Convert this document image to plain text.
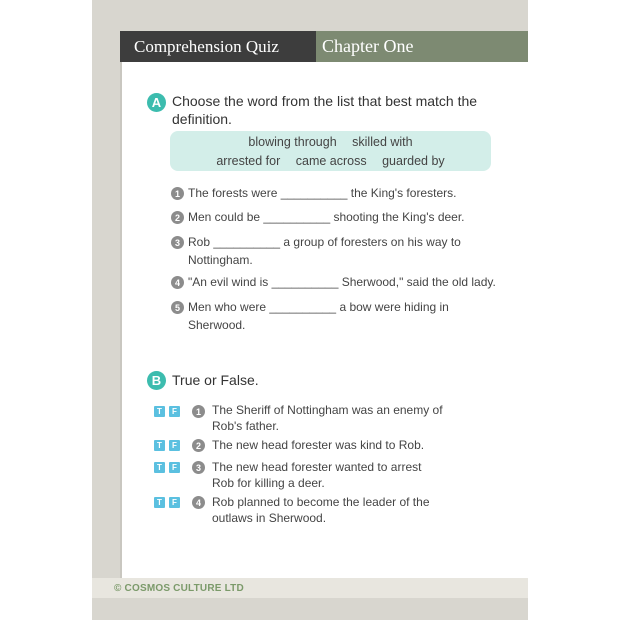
Comprehension Quiz	Chapter One
A Choose the word from the list that best match the
definition.
blowing through skilled with
arrested for came across guarded by
1 The forests were __________ the King's foresters.
2 Men could be __________ shooting the King's deer.
3 Rob __________ a group of foresters on his way to
Nottingham.
4 "An evil wind is __________ Sherwood," said the old lady.
5 Men who were __________ a bow were hiding in
Sherwood.
B True or False.
T	F	1 The Sheriff of Nottingham was an enemy of
Rob's father.
T	F	2 The new head forester was kind to Rob.
T	F	3 The new head forester wanted to arrest
Rob for killing a deer.
T	F	4 Rob planned to become the leader of the
outlaws in Sherwood.
© COSMOS CULTURE LTD
